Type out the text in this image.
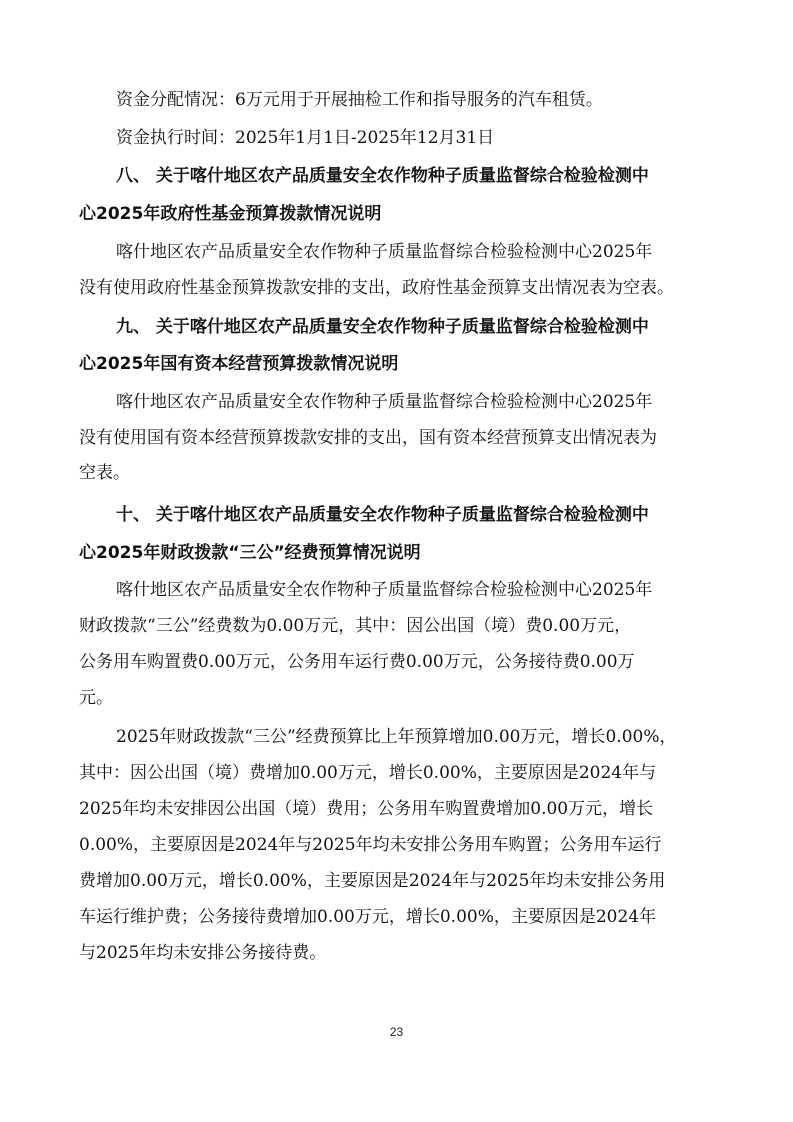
资金分配情况：6万元用于开展抽检工作和指导服务的汽车租赁。

资金执行时间：2025年1月1日-2025年12月31日

八、 关于喀什地区农产品质量安全农作物种子质量监督综合检验检测中

心2025年政府性基金预算拨款情况说明

喀什地区农产品质量安全农作物种子质量监督综合检验检测中心2025年

没有使用政府性基金预算拨款安排的支出，政府性基金预算支出情况表为空表。

九、 关于喀什地区农产品质量安全农作物种子质量监督综合检验检测中

心2025年国有资本经营预算拨款情况说明

喀什地区农产品质量安全农作物种子质量监督综合检验检测中心2025年

没有使用国有资本经营预算拨款安排的支出，国有资本经营预算支出情况表为

空表。

十、 关于喀什地区农产品质量安全农作物种子质量监督综合检验检测中

心2025年财政拨款“三公”经费预算情况说明

喀什地区农产品质量安全农作物种子质量监督综合检验检测中心2025年

财政拨款“三公”经费数为0.00万元，其中：因公出国（境）费0.00万元，

公务用车购置费0.00万元，公务用车运行费0.00万元，公务接待费0.00万

元。

2025年财政拨款“三公”经费预算比上年预算增加0.00万元，增长0.00%，

其中：因公出国（境）费增加0.00万元，增长0.00%，主要原因是2024年与

2025年均未安排因公出国（境）费用；公务用车购置费增加0.00万元，增长

0.00%，主要原因是2024年与2025年均未安排公务用车购置；公务用车运行

费增加0.00万元，增长0.00%，主要原因是2024年与2025年均未安排公务用

车运行维护费；公务接待费增加0.00万元，增长0.00%，主要原因是2024年

与2025年均未安排公务接待费。

23
